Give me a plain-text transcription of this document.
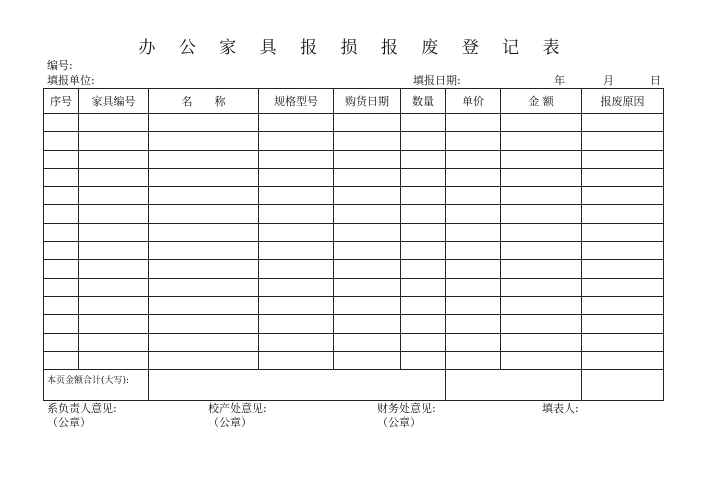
办 公 家 具 报 损 报 废 登 记 表
编号:
填报单位:	填报日期:	年	月	日
序号	家具编号	名　　称	规格型号	购货日期	数量	单价	金 额	报废原因

本页金额合计(大写):								
系负责人意见:
（公章）
校产处意见:
（公章）
财务处意见:
（公章）
填表人:
